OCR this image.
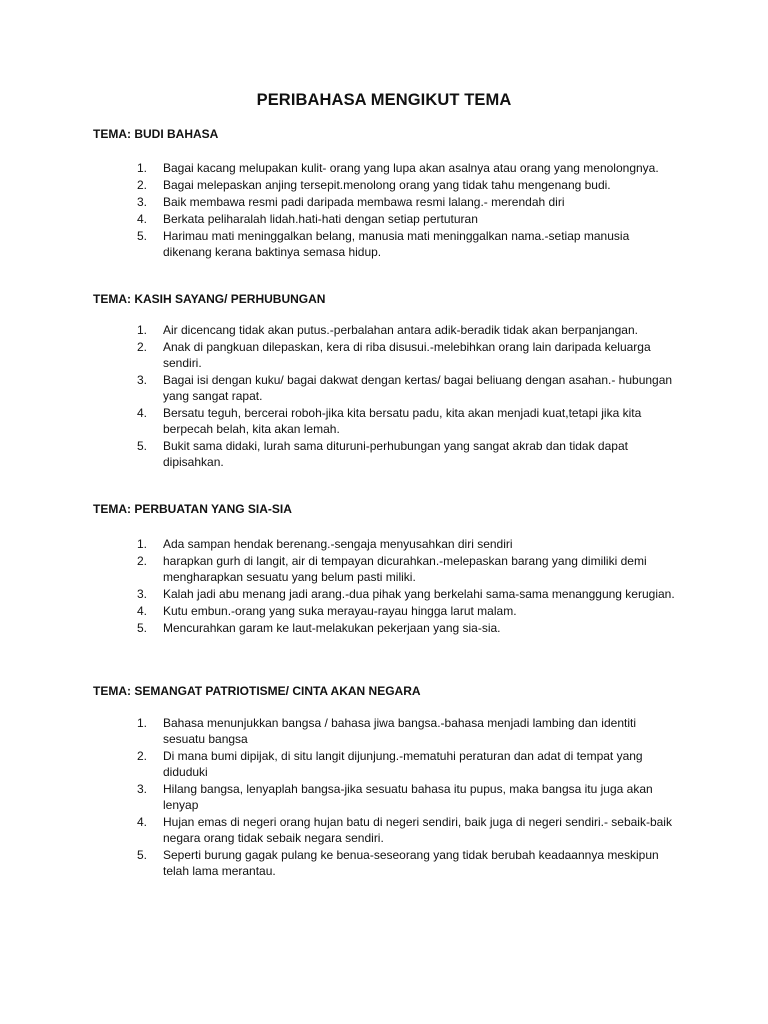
PERIBAHASA MENGIKUT TEMA
TEMA: BUDI BAHASA
1.	Bagai kacang melupakan kulit- orang yang lupa akan asalnya atau orang yang menolongnya.
2.	Bagai melepaskan anjing tersepit.menolong orang yang tidak tahu mengenang budi.
3.	Baik membawa resmi padi daripada membawa resmi lalang.- merendah diri
4.	Berkata peliharalah lidah.hati-hati dengan setiap pertuturan
5.	Harimau mati meninggalkan belang, manusia mati meninggalkan nama.-setiap manusia dikenang kerana baktinya semasa hidup.
TEMA: KASIH SAYANG/ PERHUBUNGAN
1.	Air dicencang tidak akan putus.-perbalahan antara adik-beradik tidak akan berpanjangan.
2.	Anak di pangkuan dilepaskan, kera di riba disusui.-melebihkan orang lain daripada keluarga sendiri.
3.	Bagai isi dengan kuku/ bagai dakwat dengan kertas/ bagai beliuang dengan asahan.- hubungan yang sangat rapat.
4.	Bersatu teguh, bercerai roboh-jika kita bersatu padu, kita akan menjadi kuat,tetapi jika kita berpecah belah, kita akan lemah.
5.	Bukit sama didaki, lurah sama dituruni-perhubungan yang sangat akrab dan tidak dapat dipisahkan.
TEMA: PERBUATAN YANG SIA-SIA
1.	Ada sampan hendak berenang.-sengaja menyusahkan diri sendiri
2.	harapkan gurh di langit, air di tempayan dicurahkan.-melepaskan barang yang dimiliki demi mengharapkan sesuatu yang belum pasti miliki.
3.	Kalah jadi abu menang jadi arang.-dua pihak yang berkelahi sama-sama menanggung kerugian.
4.	Kutu embun.-orang yang suka merayau-rayau hingga larut malam.
5.	Mencurahkan garam ke laut-melakukan pekerjaan yang sia-sia.
TEMA: SEMANGAT PATRIOTISME/ CINTA AKAN NEGARA
1.	Bahasa menunjukkan bangsa / bahasa jiwa bangsa.-bahasa menjadi lambing dan identiti sesuatu bangsa
2.	Di mana bumi dipijak, di situ langit dijunjung.-mematuhi peraturan dan adat di tempat yang diduduki
3.	Hilang bangsa, lenyaplah bangsa-jika sesuatu bahasa itu pupus, maka bangsa itu juga akan lenyap
4.	Hujan emas di negeri orang hujan batu di negeri sendiri, baik juga di negeri sendiri.- sebaik-baik negara orang tidak sebaik negara sendiri.
5.	Seperti burung gagak pulang ke benua-seseorang yang tidak berubah keadaannya meskipun telah lama merantau.
